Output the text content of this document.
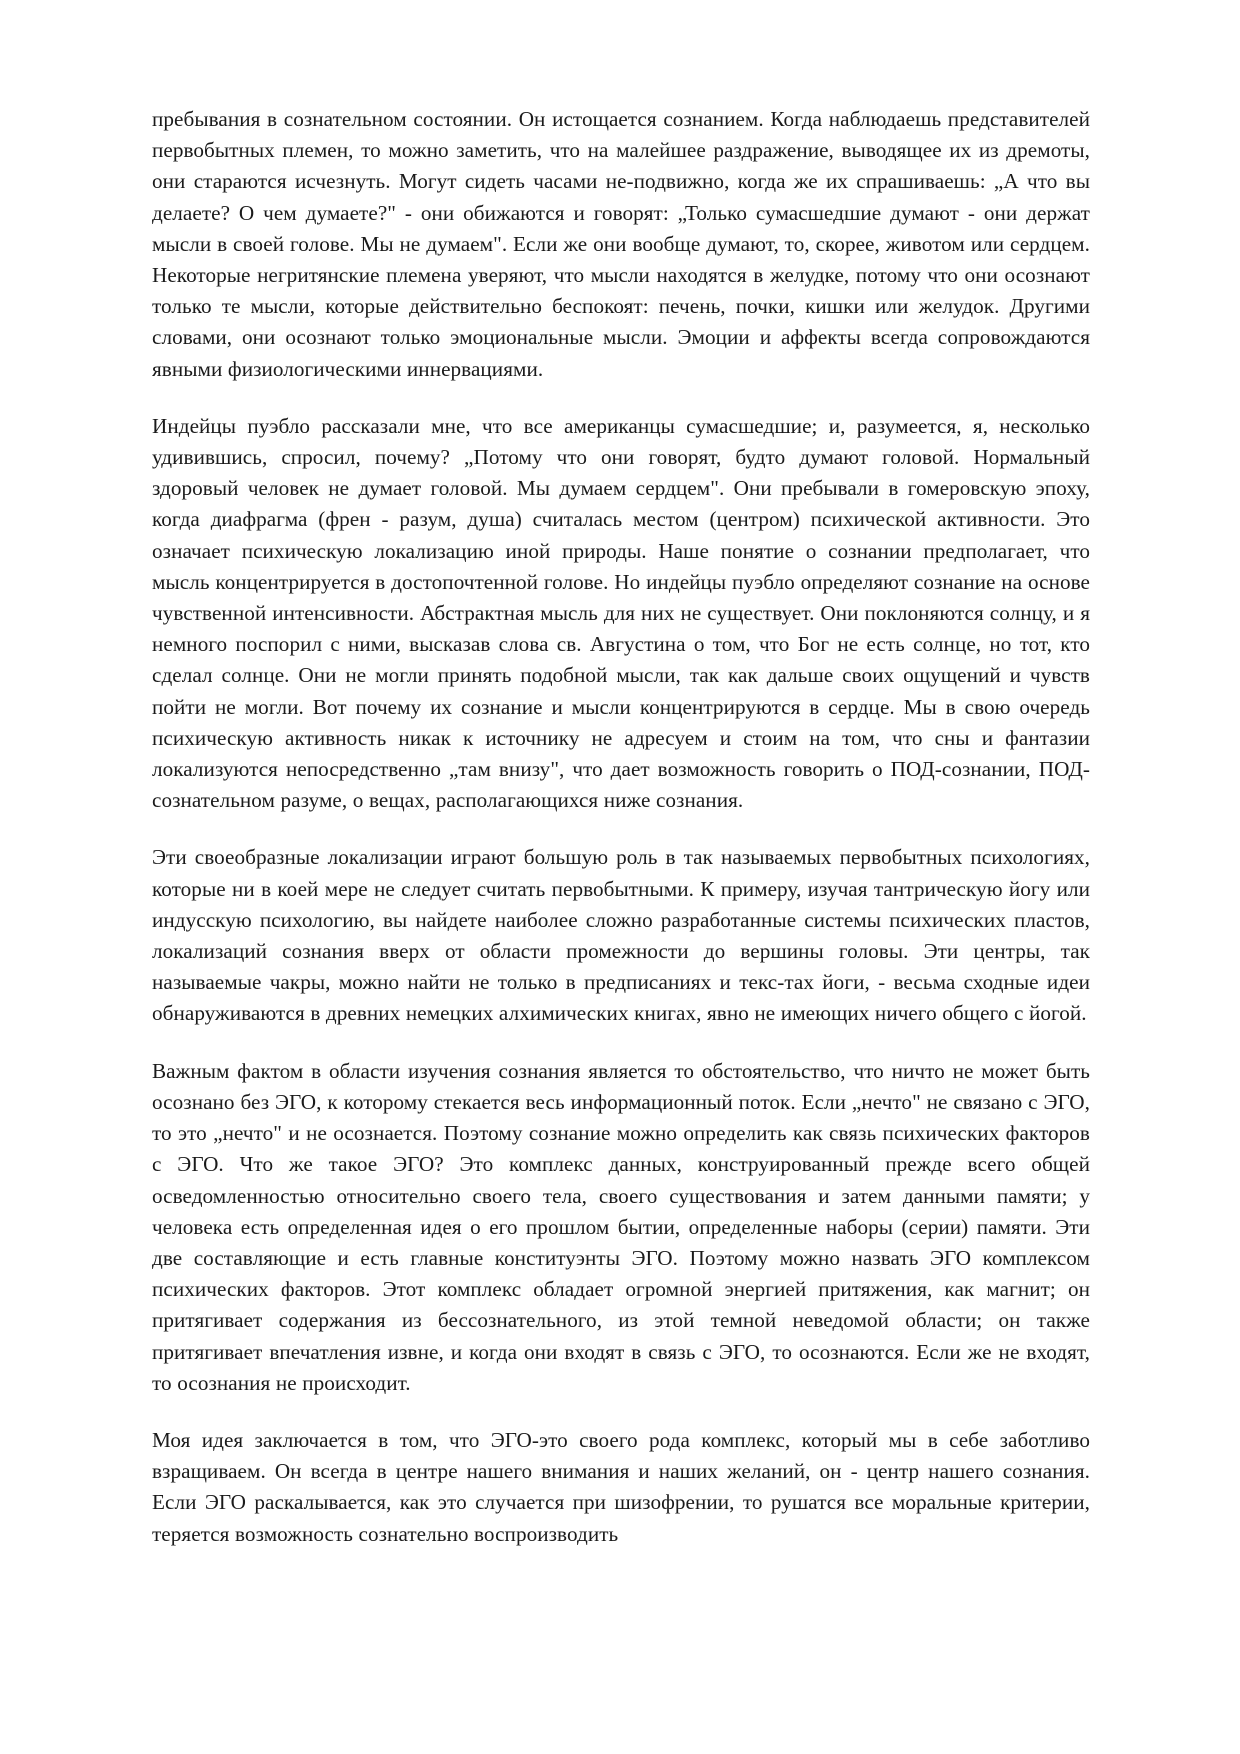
пребывания в сознательном состоянии. Он истощается сознанием. Когда наблюдаешь представителей первобытных племен, то можно заметить, что на малейшее раздражение, выводящее их из дремоты, они стараются исчезнуть. Могут сидеть часами не-подвижно, когда же их спрашиваешь: „А что вы делаете? О чем думаете?" - они обижаются и говорят: „Только сумасшедшие думают - они держат мысли в своей голове. Мы не думаем". Если же они вообще думают, то, скорее, животом или сердцем. Некоторые негритянские племена уверяют, что мысли находятся в желудке, потому что они осознают только те мысли, которые действительно беспокоят: печень, почки, кишки или желудок. Другими словами, они осознают только эмоциональные мысли. Эмоции и аффекты всегда сопровождаются явными физиологическими иннервациями.

Индейцы пуэбло рассказали мне, что все американцы сумасшедшие; и, разумеется, я, несколько удивившись, спросил, почему? „Потому что они говорят, будто думают головой. Нормальный здоровый человек не думает головой. Мы думаем сердцем". Они пребывали в гомеровскую эпоху, когда диафрагма (френ - разум, душа) считалась местом (центром) психической активности. Это означает психическую локализацию иной природы. Наше понятие о сознании предполагает, что мысль концентрируется в достопочтенной голове. Но индейцы пуэбло определяют сознание на основе чувственной интенсивности. Абстрактная мысль для них не существует. Они поклоняются солнцу, и я немного поспорил с ними, высказав слова св. Августина о том, что Бог не есть солнце, но тот, кто сделал солнце. Они не могли принять подобной мысли, так как дальше своих ощущений и чувств пойти не могли. Вот почему их сознание и мысли концентрируются в сердце. Мы в свою очередь психическую активность никак к источнику не адресуем и стоим на том, что сны и фантазии локализуются непосредственно „там внизу", что дает возможность говорить о ПОД-сознании, ПОД-сознательном разуме, о вещах, располагающихся ниже сознания.

Эти своеобразные локализации играют большую роль в так называемых первобытных психологиях, которые ни в коей мере не следует считать первобытными. К примеру, изучая тантрическую йогу или индусскую психологию, вы найдете наиболее сложно разработанные системы психических пластов, локализаций сознания вверх от области промежности до вершины головы. Эти центры, так называемые чакры, можно найти не только в предписаниях и текс-тах йоги, - весьма сходные идеи обнаруживаются в древних немецких алхимических книгах, явно не имеющих ничего общего с йогой.

Важным фактом в области изучения сознания является то обстоятельство, что ничто не может быть осознано без ЭГО, к которому стекается весь информационный поток. Если „нечто" не связано с ЭГО, то это „нечто" и не осознается. Поэтому сознание можно определить как связь психических факторов с ЭГО. Что же такое ЭГО? Это комплекс данных, конструированный прежде всего общей осведомленностью относительно своего тела, своего существования и затем данными памяти; у человека есть определенная идея о его прошлом бытии, определенные наборы (серии) памяти. Эти две составляющие и есть главные конституэнты ЭГО. Поэтому можно назвать ЭГО комплексом психических факторов. Этот комплекс обладает огромной энергией притяжения, как магнит; он притягивает содержания из бессознательного, из этой темной неведомой области; он также притягивает впечатления извне, и когда они входят в связь с ЭГО, то осознаются. Если же не входят, то осознания не происходит.

Моя идея заключается в том, что ЭГО-это своего рода комплекс, который мы в себе заботливо взращиваем. Он всегда в центре нашего внимания и наших желаний, он - центр нашего сознания. Если ЭГО раскалывается, как это случается при шизофрении, то рушатся все моральные критерии, теряется возможность сознательно воспроизводить
